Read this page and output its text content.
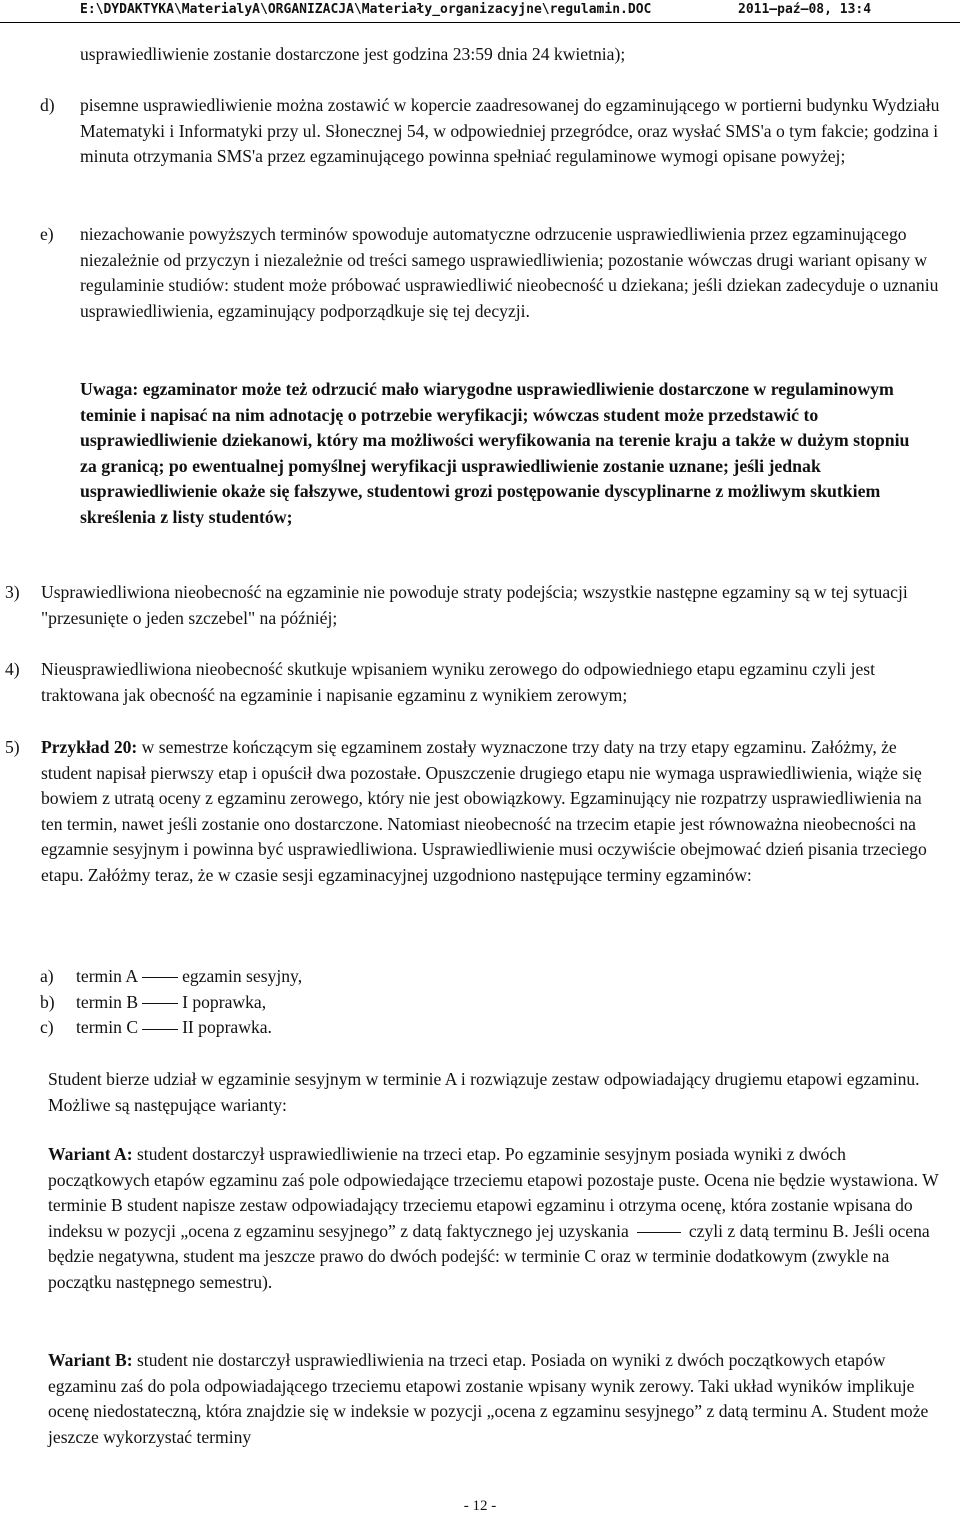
E:\DYDAKTYKA\MaterialyA\ORGANIZACJA\Materiały_organizacyjne\regulamin.DOC	2011–paź–08, 13:4
usprawiedliwienie zostanie dostarczone jest godzina 23:59 dnia 24 kwietnia);
d) pisemne usprawiedliwienie można zostawić w kopercie zaadresowanej do egzaminującego w portierni budynku Wydziału Matematyki i Informatyki przy ul. Słonecznej 54, w odpowiedniej przegródce, oraz wysłać SMS'a o tym fakcie; godzina i minuta otrzymania SMS'a przez egzaminującego powinna spełniać regulaminowe wymogi opisane powyżej;
e) niezachowanie powyższych terminów spowoduje automatyczne odrzucenie usprawiedliwienia przez egzaminującego niezależnie od przyczyn i niezależnie od treści samego usprawiedliwienia; pozostanie wówczas drugi wariant opisany w regulaminie studiów: student może próbować usprawiedliwić nieobecność u dziekana; jeśli dziekan zadecyduje o uznaniu usprawiedliwienia, egzaminujący podporządkuje się tej decyzji.
Uwaga: egzaminator może też odrzucić mało wiarygodne usprawiedliwienie dostarczone w regulaminowym teminie i napisać na nim adnotację o potrzebie weryfikacji; wówczas student może przedstawić to usprawiedliwienie dziekanowi, który ma możliwości weryfikowania na terenie kraju a także w dużym stopniu za granicą; po ewentualnej pomyślnej weryfikacji usprawiedliwienie zostanie uznane; jeśli jednak usprawiedliwienie okaże się fałszywe, studentowi grozi postępowanie dyscyplinarne z możliwym skutkiem skreślenia z listy studentów;
3) Usprawiedliwiona nieobecność na egzaminie nie powoduje straty podejścia; wszystkie następne egzaminy są w tej sytuacji "przesunięte o jeden szczebel" na późniéj;
4) Nieusprawiedliwiona nieobecność skutkuje wpisaniem wyniku zerowego do odpowiedniego etapu egzaminu czyli jest traktowana jak obecność na egzaminie i napisanie egzaminu z wynikiem zerowym;
5) Przykład 20: w semestrze kończącym się egzaminem zostały wyznaczone trzy daty na trzy etapy egzaminu. Załóżmy, że student napisał pierwszy etap i opuścił dwa pozostałe. Opuszczenie drugiego etapu nie wymaga usprawiedliwienia, wiąże się bowiem z utratą oceny z egzaminu zerowego, który nie jest obowiązkowy. Egzaminujący nie rozpatrzy usprawiedliwienia na ten termin, nawet jeśli zostanie ono dostarczone. Natomiast nieobecność na trzecim etapie jest równoważna nieobecności na egzamnie sesyjnym i powinna być usprawiedliwiona. Usprawiedliwienie musi oczywiście obejmować dzień pisania trzeciego etapu. Załóżmy teraz, że w czasie sesji egzaminacyjnej uzgodniono następujące terminy egzaminów:
a) termin A	egzamin sesyjny,
b) termin B	I poprawka,
c) termin C	II poprawka.
Student bierze udział w egzaminie sesyjnym w terminie A i rozwiązuje zestaw odpowiadający drugiemu etapowi egzaminu. Możliwe są następujące warianty:
Wariant A: student dostarczył usprawiedliwienie na trzeci etap. Po egzaminie sesyjnym posiada wyniki z dwóch początkowych etapów egzaminu zaś pole odpowiedające trzeciemu etapowi pozostaje puste. Ocena nie będzie wystawiona. W terminie B student napisze zestaw odpowiadający trzeciemu etapowi egzaminu i otrzyma ocenę, która zostanie wpisana do indeksu w pozycji „ocena z egzaminu sesyjnego” z datą faktycznego jej uzyskania	czyli z datą terminu B. Jeśli ocena będzie negatywna, student ma jeszcze prawo do dwóch podejść: w terminie C oraz w terminie dodatkowym (zwykle na początku następnego semestru).
Wariant B: student nie dostarczył usprawiedliwienia na trzeci etap. Posiada on wyniki z dwóch początkowych etapów egzaminu zaś do pola odpowiadającego trzeciemu etapowi zostanie wpisany wynik zerowy. Taki układ wyników implikuje ocenę niedostateczną, która znajdzie się w indeksie w pozycji „ocena z egzaminu sesyjnego” z datą terminu A. Student może jeszcze wykorzystać terminy
- 12 -
